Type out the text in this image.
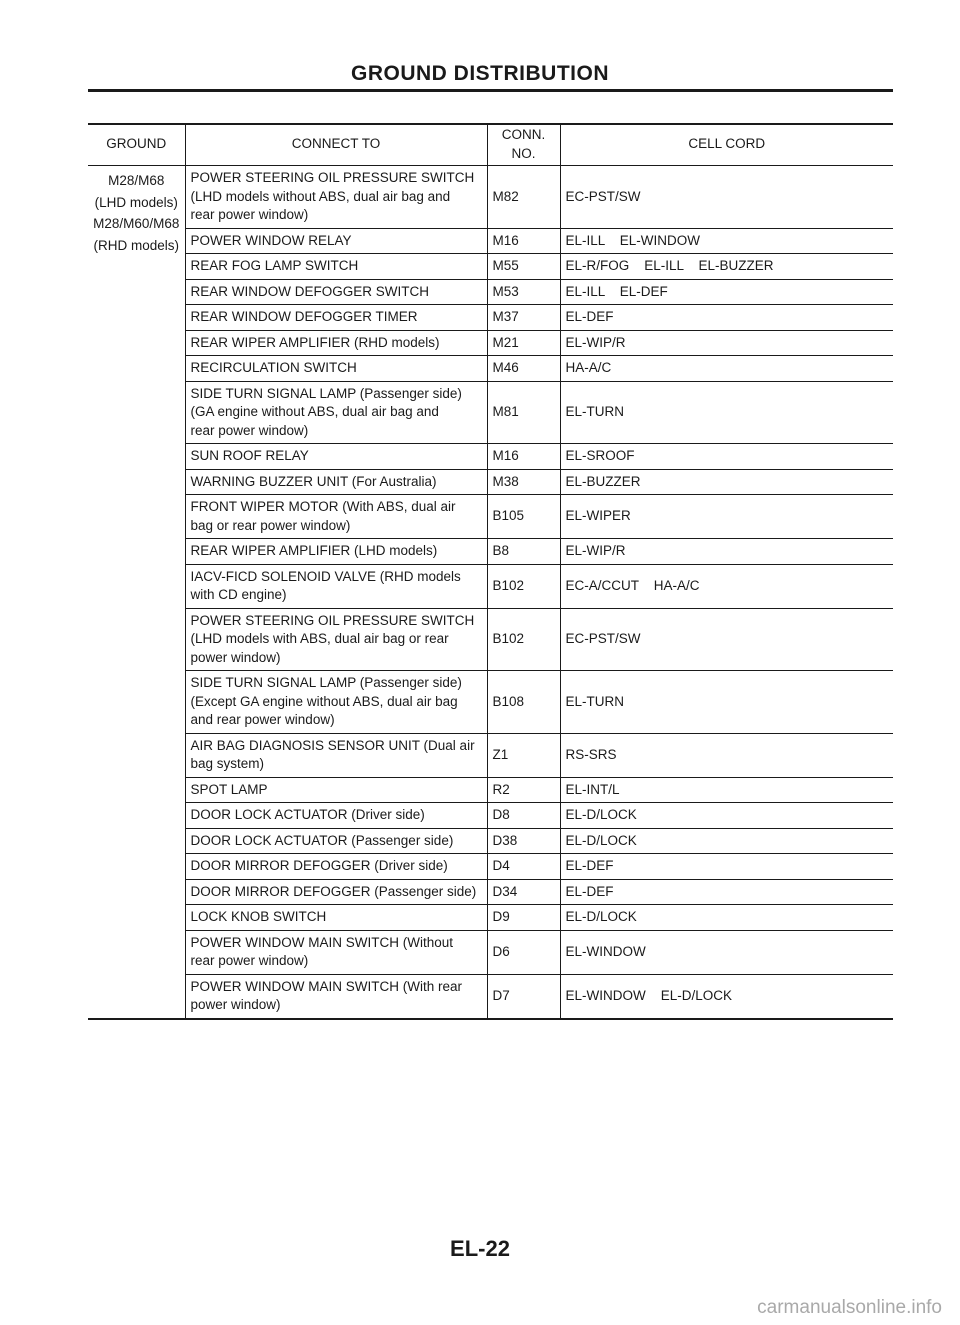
GROUND DISTRIBUTION
GROUND	CONNECT TO	CONN. NO.	CELL CORD
M28/M68
(LHD models)
M28/M60/M68
(RHD models)	POWER STEERING OIL PRESSURE SWITCH
(LHD models without ABS, dual air bag and
rear power window)	M82	EC-PST/SW
	POWER WINDOW RELAY	M16	EL-ILL    EL-WINDOW
	REAR FOG LAMP SWITCH	M55	EL-R/FOG    EL-ILL    EL-BUZZER
	REAR WINDOW DEFOGGER SWITCH	M53	EL-ILL    EL-DEF
	REAR WINDOW DEFOGGER TIMER	M37	EL-DEF
	REAR WIPER AMPLIFIER (RHD models)	M21	EL-WIP/R
	RECIRCULATION SWITCH	M46	HA-A/C
	SIDE TURN SIGNAL LAMP (Passenger side)
(GA engine without ABS, dual air bag and
rear power window)	M81	EL-TURN
	SUN ROOF RELAY	M16	EL-SROOF
	WARNING BUZZER UNIT (For Australia)	M38	EL-BUZZER
	FRONT WIPER MOTOR (With ABS, dual air
bag or rear power window)	B105	EL-WIPER
	REAR WIPER AMPLIFIER (LHD models)	B8	EL-WIP/R
	IACV-FICD SOLENOID VALVE (RHD models
with CD engine)	B102	EC-A/CCUT    HA-A/C
	POWER STEERING OIL PRESSURE SWITCH
(LHD models with ABS, dual air bag or rear
power window)	B102	EC-PST/SW
	SIDE TURN SIGNAL LAMP (Passenger side)
(Except GA engine without ABS, dual air bag
and rear power window)	B108	EL-TURN
	AIR BAG DIAGNOSIS SENSOR UNIT (Dual air
bag system)	Z1	RS-SRS
	SPOT LAMP	R2	EL-INT/L
	DOOR LOCK ACTUATOR (Driver side)	D8	EL-D/LOCK
	DOOR LOCK ACTUATOR (Passenger side)	D38	EL-D/LOCK
	DOOR MIRROR DEFOGGER (Driver side)	D4	EL-DEF
	DOOR MIRROR DEFOGGER (Passenger side)	D34	EL-DEF
	LOCK KNOB SWITCH	D9	EL-D/LOCK
	POWER WINDOW MAIN SWITCH (Without
rear power window)	D6	EL-WINDOW
	POWER WINDOW MAIN SWITCH (With rear
power window)	D7	EL-WINDOW    EL-D/LOCK
EL-22
carmanualsonline.info
